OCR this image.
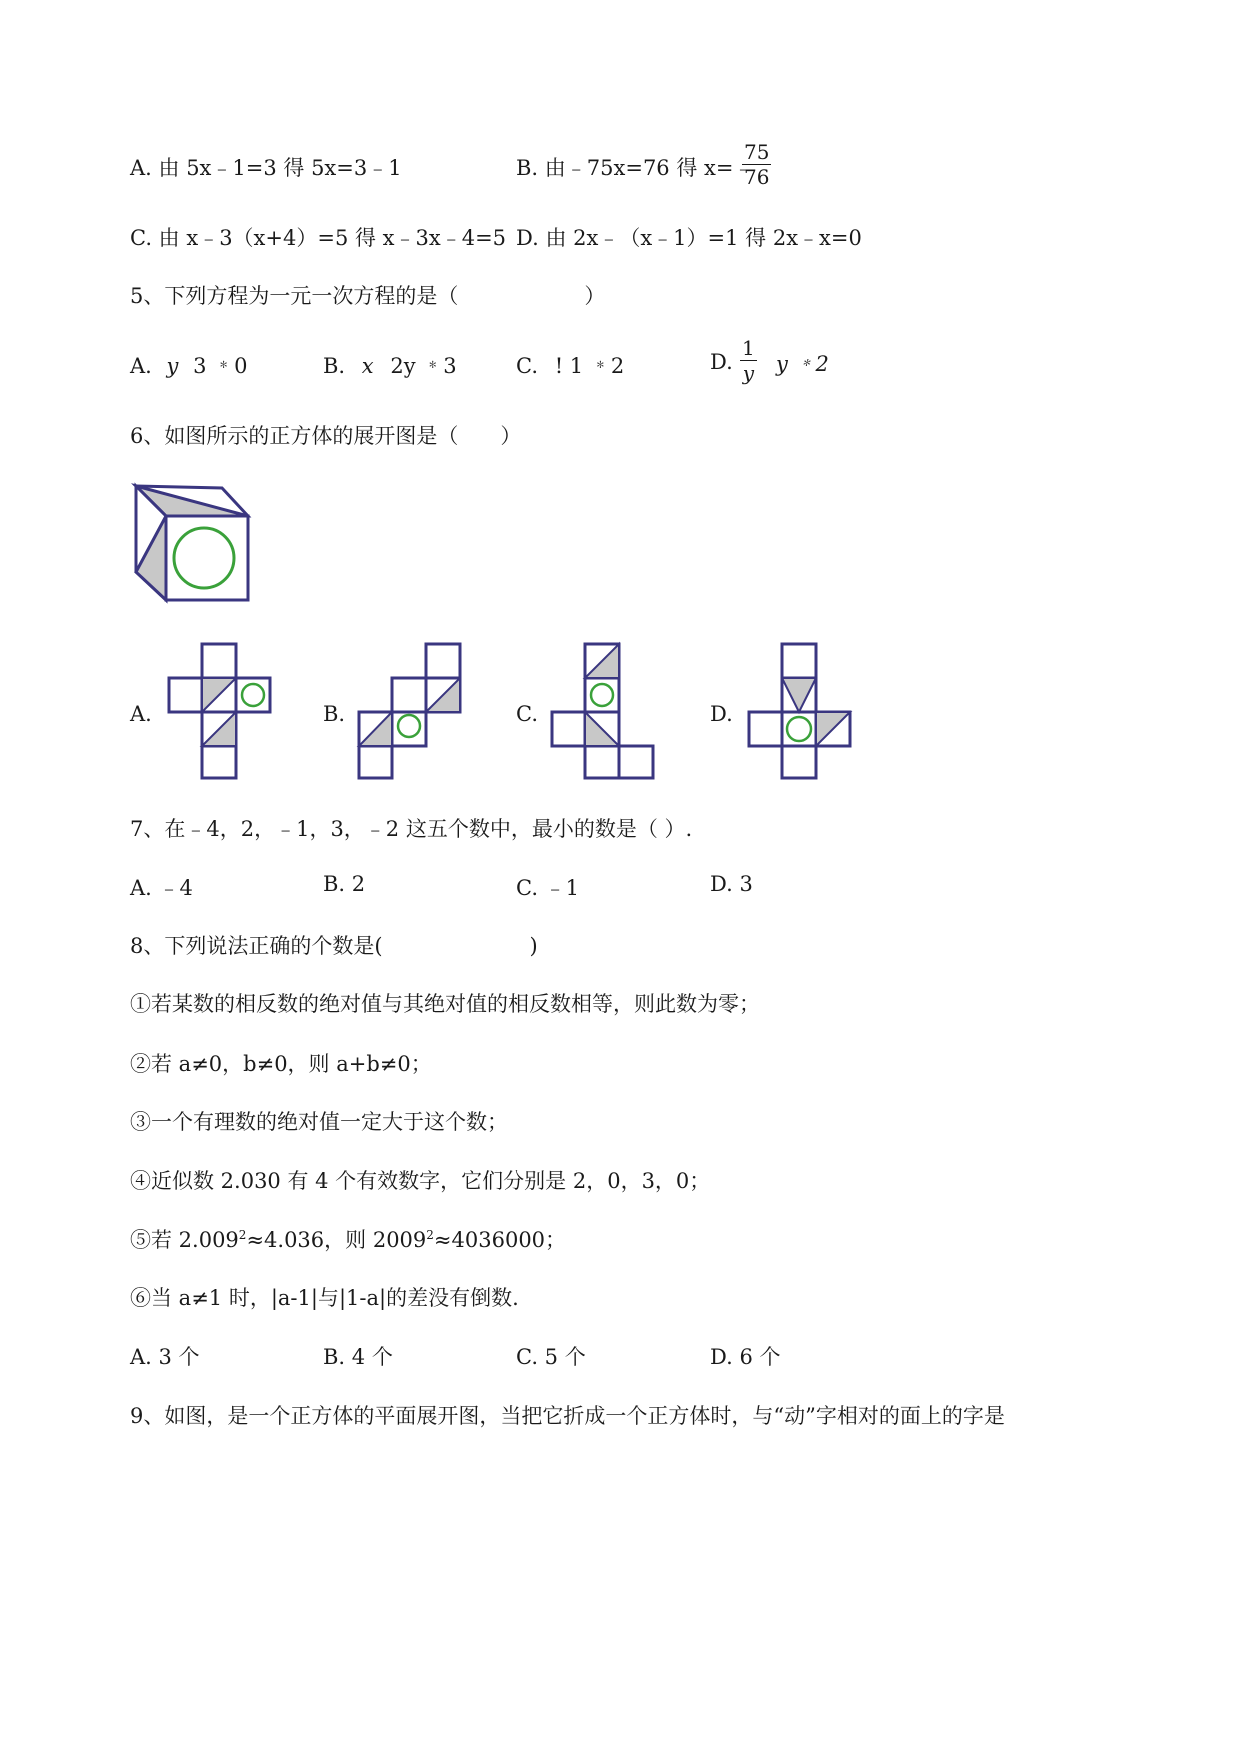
A. 由 5x﹣1=3 得 5x=3﹣1	B. 由﹣75x=76 得 x=﹣
$\frac{75}{76}$
C. 由 x﹣3（x+4）=5 得 x﹣3x﹣4=5 D. 由 2x﹣（x﹣1）=1 得 2x﹣x=0
5、下列方程为一元一次方程的是（　　　　　　）
A. y 3 ﹡0	B. x 2y ﹡3	C. ! 1 ﹡2	D. $\frac{1}{y}$ y ﹡2
6、如图所示的正方体的展开图是（　　）
A.	B.	C.	D.
7、在﹣4，2，﹣1，3，﹣2 这五个数中，最小的数是（ ）.
A. ﹣4	B. 2	C. ﹣1	D. 3
8、下列说法正确的个数是(　　　　　　　)
①若某数的相反数的绝对值与其绝对值的相反数相等，则此数为零；
②若 a≠0，b≠0，则 a+b≠0；
③一个有理数的绝对值一定大于这个数；
④近似数 2.030 有 4 个有效数字，它们分别是 2，0，3，0；
⑤若 $2.009^2\approx 4.036$，则 $2009^2\approx 4036000$；
⑥当 a≠1 时，|a-1|与|1-a|的差没有倒数.
A. 3 个	B. 4 个	C. 5 个	D. 6 个
9、如图，是一个正方体的平面展开图，当把它折成一个正方体时，与“动”字相对的面上的字是
